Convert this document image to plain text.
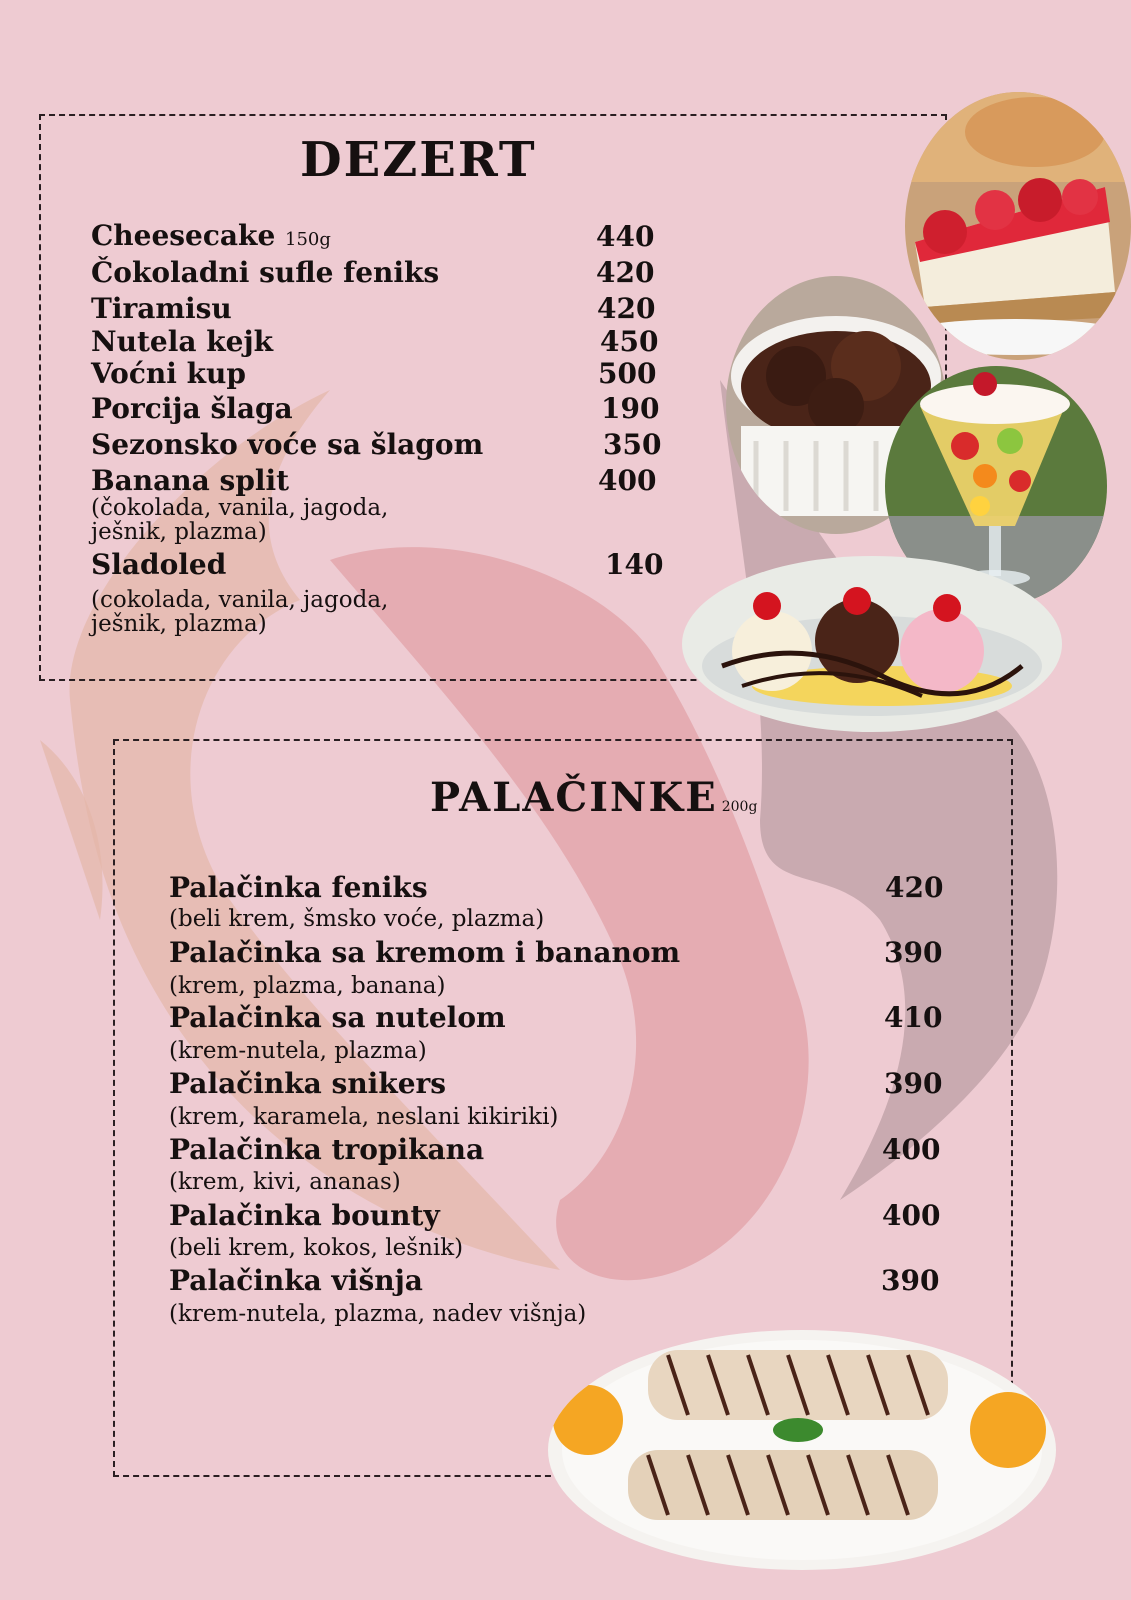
DEZERT
Cheesecake 150g	440
Čokoladni sufle feniks	420
Tiramisu	420
Nutela kejk	450
Voćni kup	500
Porcija šlaga	190
Sezonsko voće sa šlagom	350
Banana split	400
(čokolada, vanila, jagoda,
ješnik, plazma)
Sladoled	140
(cokolada, vanila, jagoda,
ješnik, plazma)
PALAČINKE 200g
Palačinka feniks	420
(beli krem, šmsko voće, plazma)
Palačinka sa kremom i bananom	390
(krem, plazma, banana)
Palačinka sa nutelom	410
(krem-nutela, plazma)
Palačinka snikers	390
(krem, karamela, neslani kikiriki)
Palačinka tropikana	400
(krem, kivi, ananas)
Palačinka bounty	400
(beli krem, kokos, lešnik)
Palačinka višnja	390
(krem-nutela, plazma, nadev višnja)
